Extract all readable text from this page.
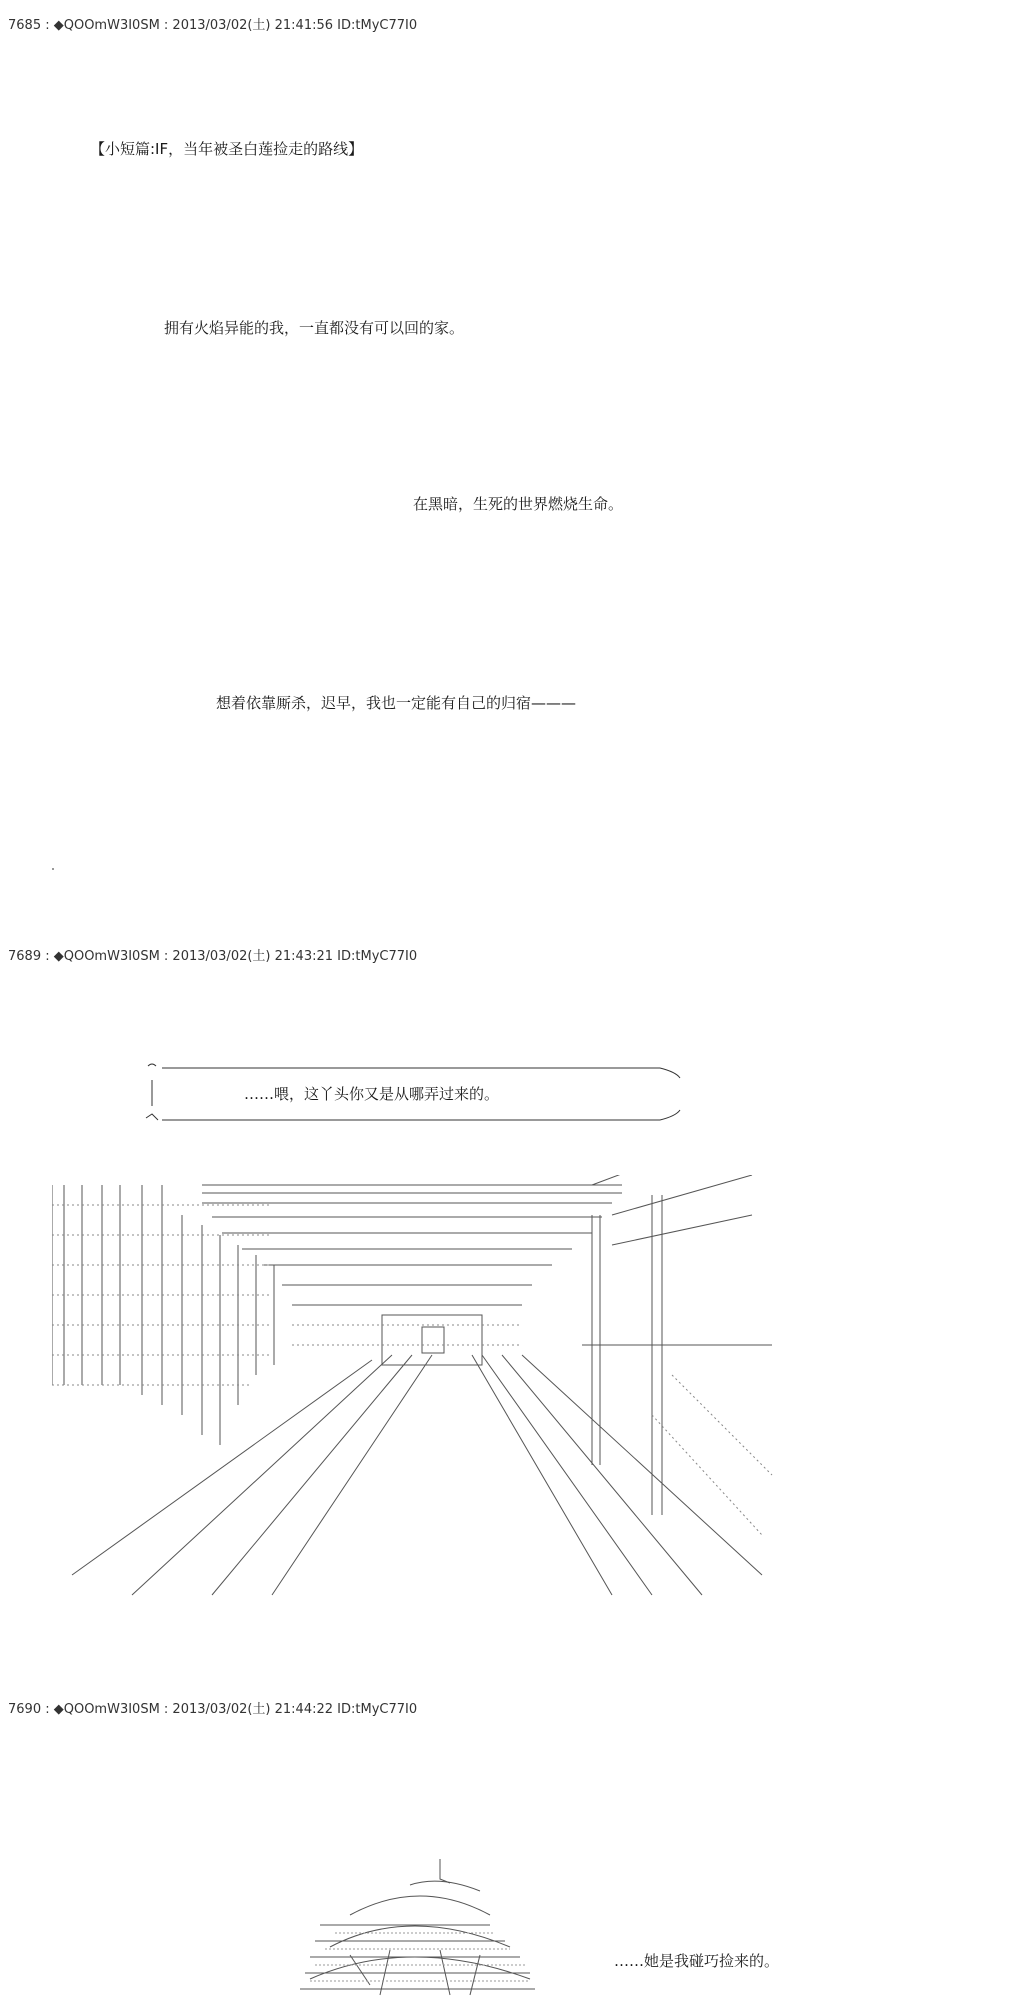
7685 : ◆QOOmW3I0SM : 2013/03/02(土) 21:41:56 ID:tMyC77I0
【小短篇:IF，当年被圣白莲捡走的路线】
拥有火焰异能的我，一直都没有可以回的家。
在黑暗，生死的世界燃烧生命。
想着依靠厮杀，迟早，我也一定能有自己的归宿———
7689 : ◆QOOmW3I0SM : 2013/03/02(土) 21:43:21 ID:tMyC77I0
……喂，这丫头你又是从哪弄过来的。
7690 : ◆QOOmW3I0SM : 2013/03/02(土) 21:44:22 ID:tMyC77I0
……她是我碰巧捡来的。
